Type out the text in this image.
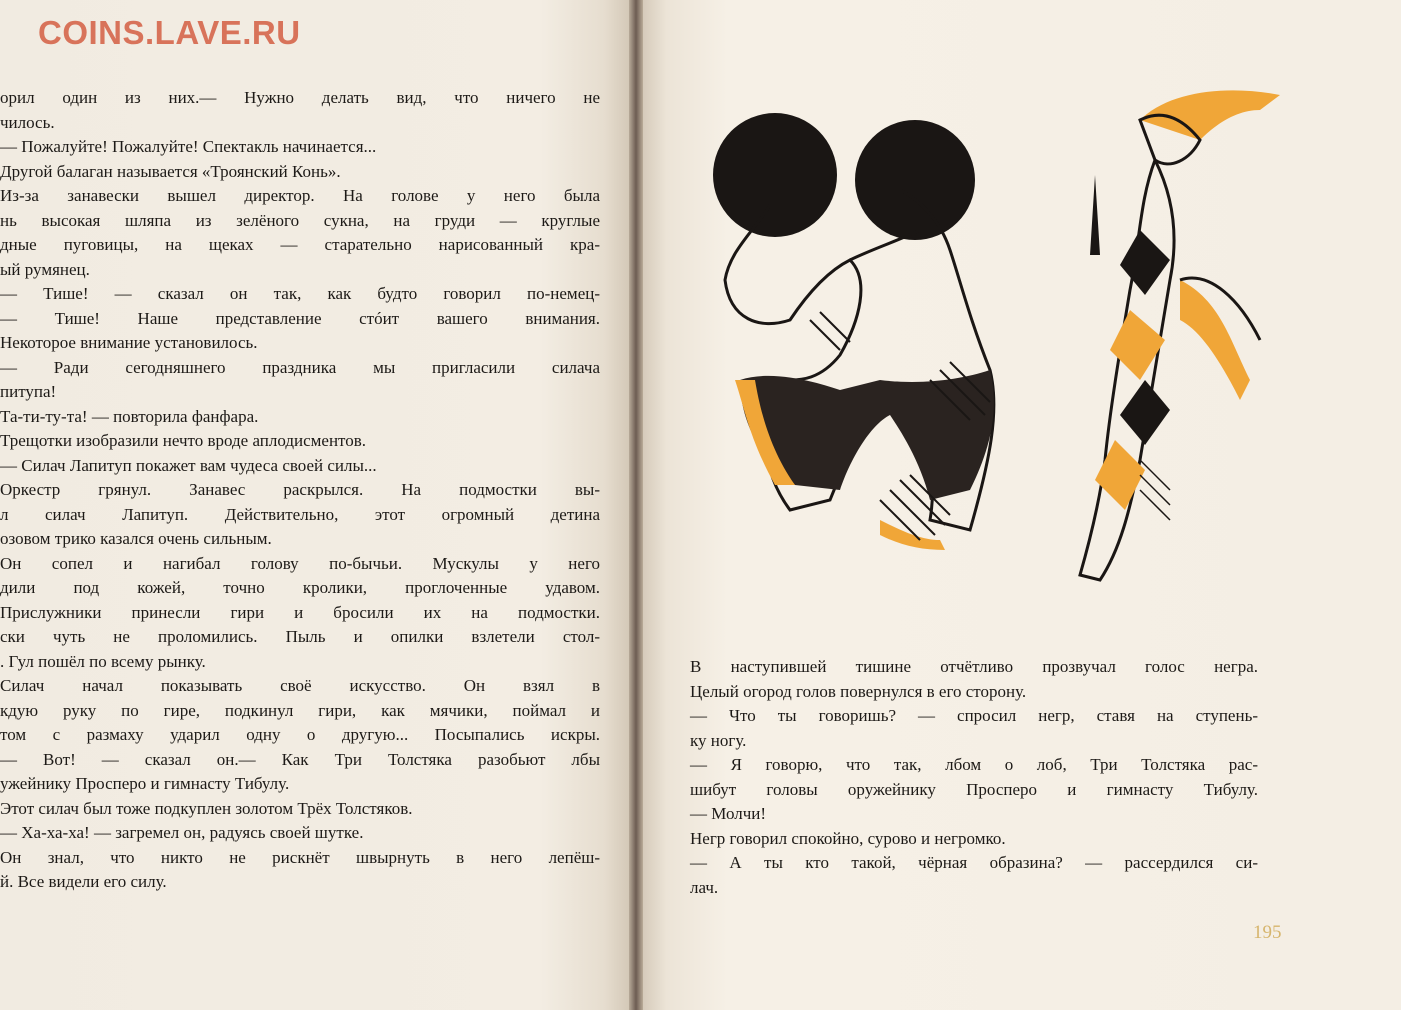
COINS.LAVE.RU
орил один из них.— Нужно делать вид, что ничего не
чилось.
— Пожалуйте! Пожалуйте! Спектакль начинается...
Другой балаган называется «Троянский Конь».
Из-за занавески вышел директор. На голове у него была
нь высокая шляпа из зелёного сукна, на груди — круглые
дные пуговицы, на щеках — старательно нарисованный кра-
ый румянец.
— Тише! — сказал он так, как будто говорил по-немец-
— Тише! Наше представление стóит вашего внимания.
Некоторое внимание установилось.
— Ради сегодняшнего праздника мы пригласили силача
питупа!
Та-ти-ту-та! — повторила фанфара.
Трещотки изобразили нечто вроде аплодисментов.
— Силач Лапитуп покажет вам чудеса своей силы...
Оркестр грянул. Занавес раскрылся. На подмостки вы-
л силач Лапитуп. Действительно, этот огромный детина
озовом трико казался очень сильным.
Он сопел и нагибал голову по-бычьи. Мускулы у него
дили под кожей, точно кролики, проглоченные удавом.
Прислужники принесли гири и бросили их на подмостки.
ски чуть не проломились. Пыль и опилки взлетели стол-
. Гул пошёл по всему рынку.
Силач начал показывать своё искусство. Он взял в
кдую руку по гире, подкинул гири, как мячики, поймал и
том с размаху ударил одну о другую... Посыпались искры.
— Вот! — сказал он.— Как Три Толстяка разобьют лбы
ужейнику Просперо и гимнасту Тибулу.
Этот силач был тоже подкуплен золотом Трёх Толстяков.
— Ха-ха-ха! — загремел он, радуясь своей шутке.
Он знал, что никто не рискнёт швырнуть в него лепёш-
й. Все видели его силу.
В наступившей тишине отчётливо прозвучал голос негра.
Целый огород голов повернулся в его сторону.
— Что ты говоришь? — спросил негр, ставя на ступень-
ку ногу.
— Я говорю, что так, лбом о лоб, Три Толстяка рас-
шибут головы оружейнику Просперо и гимнасту Тибулу.
— Молчи!
Негр говорил спокойно, сурово и негромко.
— А ты кто такой, чёрная образина? — рассердился си-
лач.
195
